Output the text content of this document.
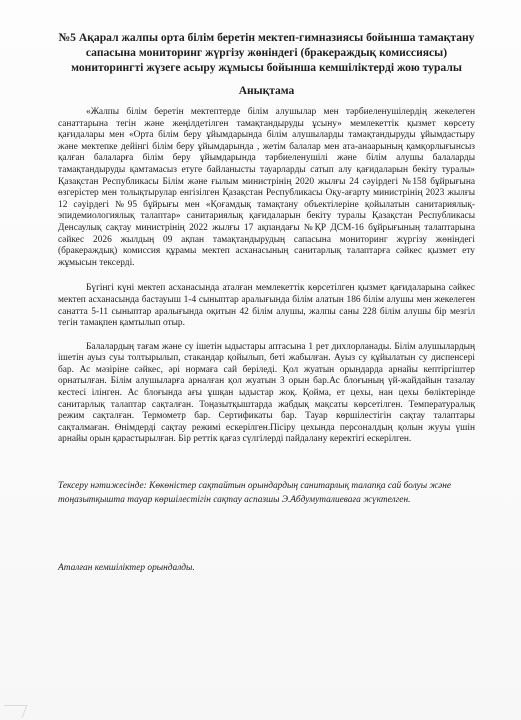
№5 Ақарал жалпы орта білім беретін мектеп-гимназиясы бойынша тамақтану сапасына мониторинг жүргізу жөніндегі (бракераждық комиссиясы) мониторингті жүзеге асыру жұмысы бойынша кемшіліктерді жою туралы
Анықтама

«Жалпы білім беретін мектептерде білім алушылар мен тәрбиеленушілердің жекелеген санаттарына тегін және жеңілдетілген тамақтандыруды ұсыну» мемлекеттік қызмет көрсету қағидалары мен «Орта білім беру ұйымдарында білім алушыларды тамақтандыруды ұйымдастыру және мектепке дейінгі білім беру ұйымдарында , жетім балалар мен ата-анаарының қамқорлығынсыз қалған балаларға білім беру ұйымдарында тәрбиеленушілі және білім алушы балаларды тамақтандыруды қамтамасыз етуге байланысты тауарларды сатып алу қағидаларын бекіту туралы» Қазақстан Республикасы Білім және ғылым министрінің 2020 жылғы 24 сәуірдегі №158 бұйрығына өзгерістер мен толықтырулар енгізілген Қазақстан Республикасы Оқу-ағарту министрінің 2023 жылғы 12 сәуірдегі №95 бұйрығы мен «Қоғамдық тамақтану объектілеріне қойылатын санитариялық-эпидемиологиялық талаптар» санитариялық қағидаларын бекіту туралы Қазақстан Республикасы Денсаулық сақтау министрінің 2022 жылғы 17 ақпандағы №ҚР ДСМ-16 бұйрығының талаптарына сәйкес 2026 жылдың 09 ақпан тамақтандырудың сапасына мониторинг жүргізу жөніндегі (бракераждық) комиссия құрамы мектеп асханасының санитарлық талаптарға сәйкес қызмет ету жұмысын тексерді.

Бүгінгі күні мектеп асханасында аталған мемлекеттік көрсетілген қызмет қағидаларына сәйкес мектеп асханасында бастауыш 1-4 сыныптар аралығында білім алатын 186 білім алушы мен жекелеген санатта 5-11 сыныптар аралығында оқитын 42 білім алушы, жалпы саны 228 білім алушы бір мезгіл тегін тамақпен қамтылып отыр.

Балалардың тағам және су ішетін ыдыстары аптасына 1 рет дихлорланады. Білім алушылардың ішетін ауыз суы толтырылып, стакандар қойылып, беті жабылған. Ауыз су құйылатын су диспенсері бар. Ас мәзіріне сәйкес, әрі нормаға сай беріледі. Қол жуатын орындарда арнайы кептіргіштер орнатылған. Білім алушыларға арналған қол жуатын 3 орын бар.Ас блоғының үй-жайдайын тазалау кестесі ілінген. Ас блоғында ағы ұшқан ыдыстар жоқ. Қойма, ет цехы, нан цехы бөліктерінде санитарлық талаптар сақталған. Тоңазытқыштарда жабдық мақсаты көрсетілген. Температуралық режим сақталған. Термометр бар. Сертификаты бар. Тауар көршілестігін сақтау талаптары сақталмаған. Өнімдерді сақтау режимі ескерілген.Пісіру цехында персоналдың қолын жууы үшін арнайы орын қарастырылған. Бір реттік қағаз сүлгілерді пайдалану керектігі ескерілген.

Тексеру нәтижесінде: Көкөністер сақтайтын орындардың санитарлық талапқа сай болуы және тоңазытқышта тауар көршілестігін сақтау аспазшы Э.Абдумуталиеваға жүктелген.

Аталған кемшіліктер орындалды.
